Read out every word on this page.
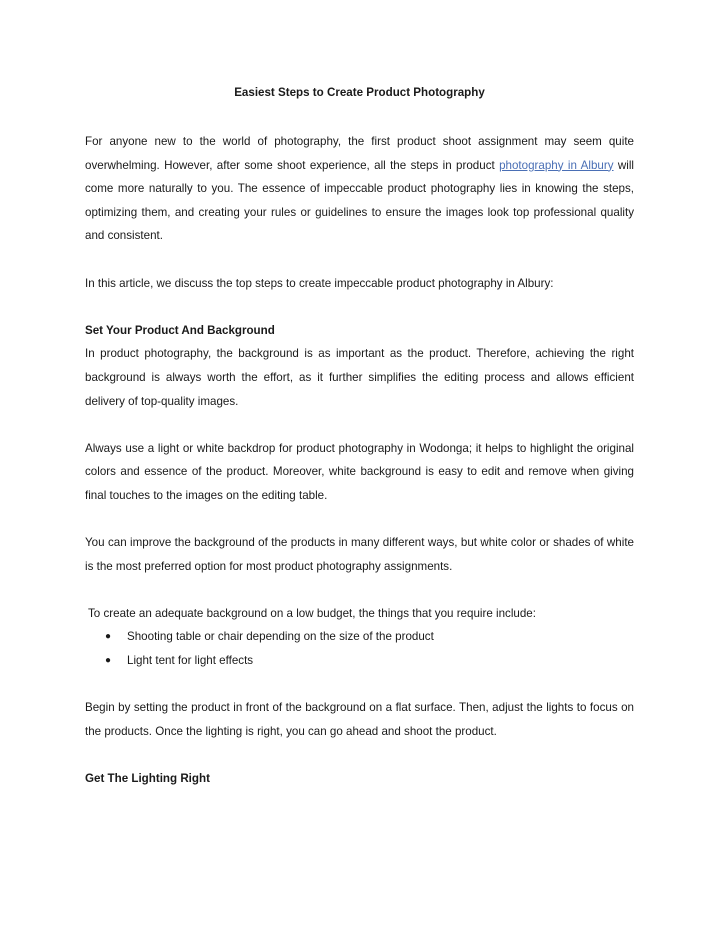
Easiest Steps to Create Product Photography

For anyone new to the world of photography, the first product shoot assignment may seem quite overwhelming. However, after some shoot experience, all the steps in product photography in Albury will come more naturally to you. The essence of impeccable product photography lies in knowing the steps, optimizing them, and creating your rules or guidelines to ensure the images look top professional quality and consistent.

In this article, we discuss the top steps to create impeccable product photography in Albury:

Set Your Product And Background

In product photography, the background is as important as the product. Therefore, achieving the right background is always worth the effort, as it further simplifies the editing process and allows efficient delivery of top-quality images.

Always use a light or white backdrop for product photography in Wodonga; it helps to highlight the original colors and essence of the product. Moreover, white background is easy to edit and remove when giving final touches to the images on the editing table.

You can improve the background of the products in many different ways, but white color or shades of white is the most preferred option for most product photography assignments.

To create an adequate background on a low budget, the things that you require include:

● Shooting table or chair depending on the size of the product
● Light tent for light effects

Begin by setting the product in front of the background on a flat surface. Then, adjust the lights to focus on the products. Once the lighting is right, you can go ahead and shoot the product.

Get The Lighting Right
